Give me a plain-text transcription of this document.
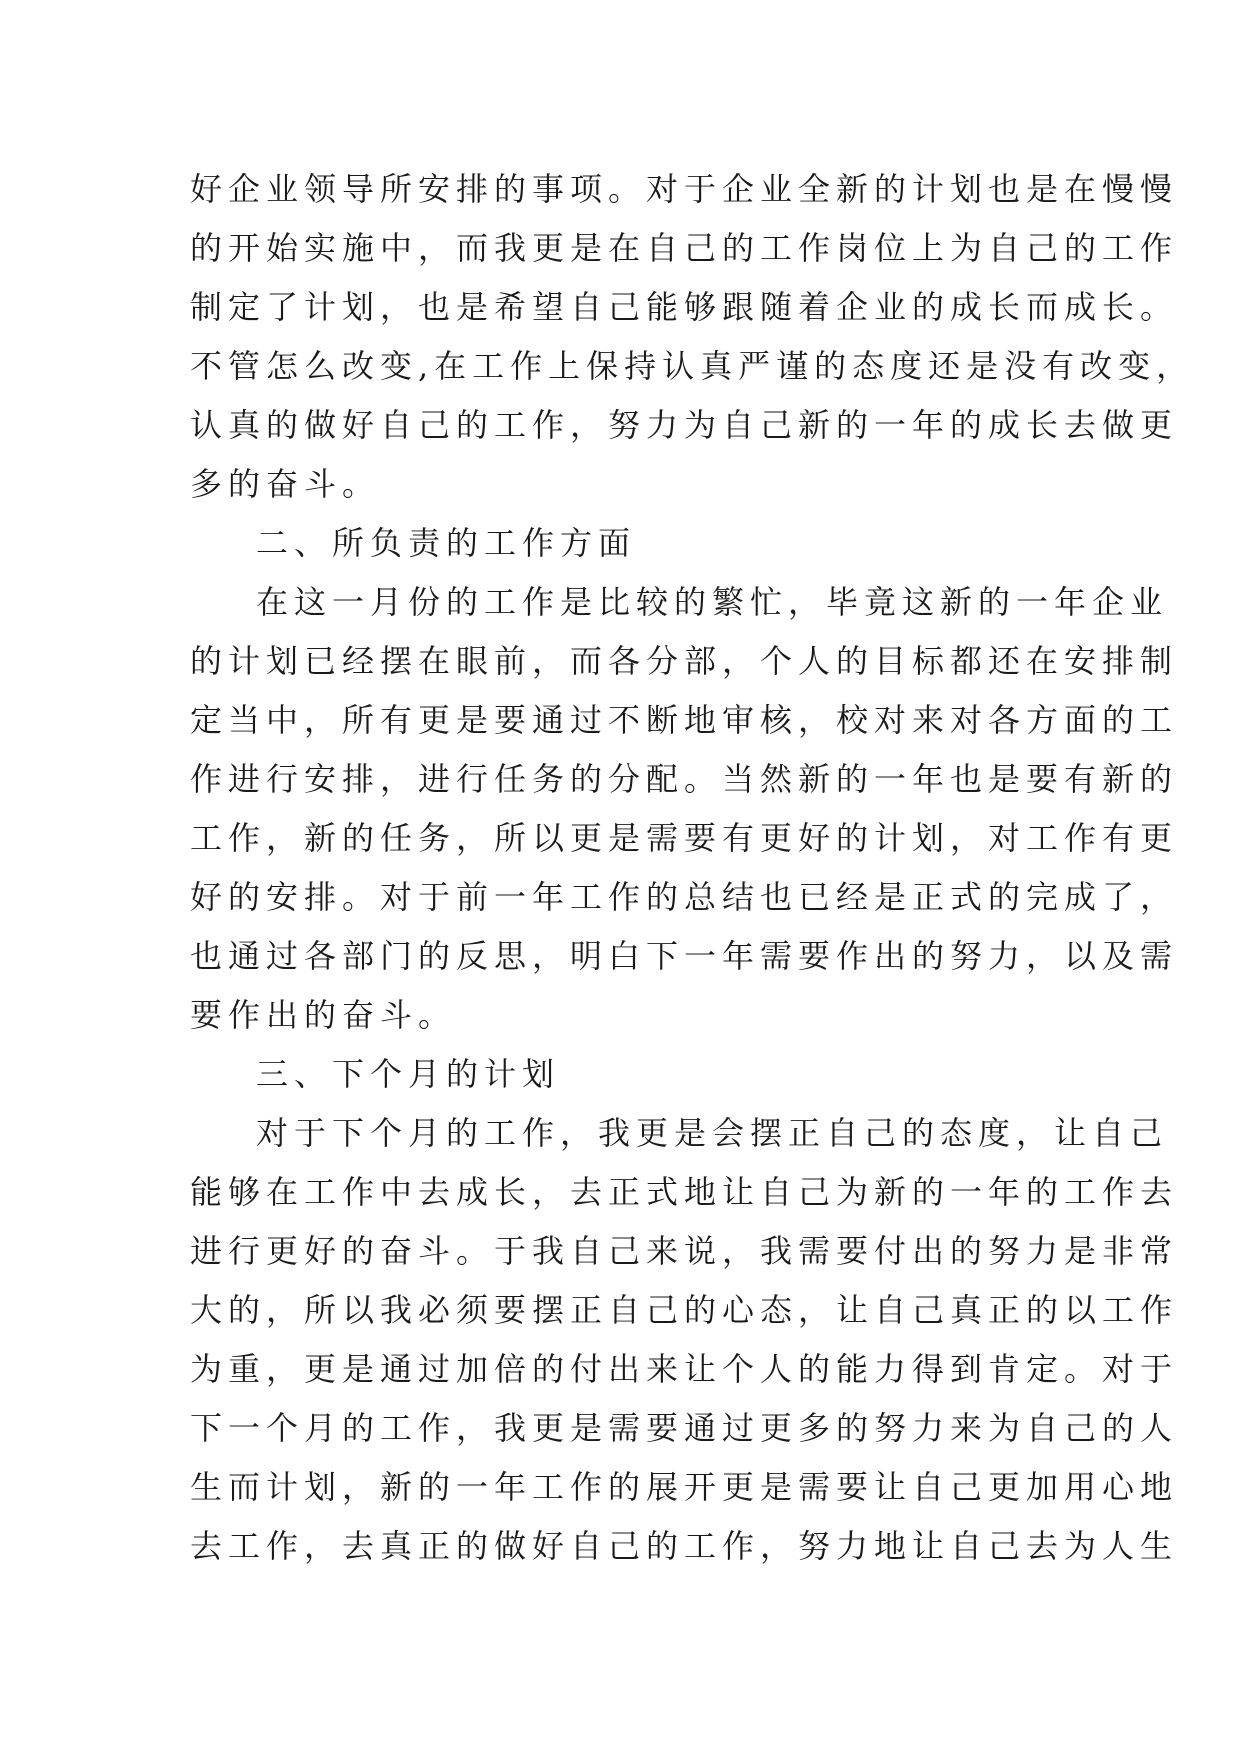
好企业领导所安排的事项。对于企业全新的计划也是在慢慢
的开始实施中，而我更是在自己的工作岗位上为自己的工作
制定了计划，也是希望自己能够跟随着企业的成长而成长。
不管怎么改变,在工作上保持认真严谨的态度还是没有改变，
认真的做好自己的工作，努力为自己新的一年的成长去做更
多的奋斗。
二、所负责的工作方面
在这一月份的工作是比较的繁忙，毕竟这新的一年企业
的计划已经摆在眼前，而各分部，个人的目标都还在安排制
定当中，所有更是要通过不断地审核，校对来对各方面的工
作进行安排，进行任务的分配。当然新的一年也是要有新的
工作，新的任务，所以更是需要有更好的计划，对工作有更
好的安排。对于前一年工作的总结也已经是正式的完成了，
也通过各部门的反思，明白下一年需要作出的努力，以及需
要作出的奋斗。
三、下个月的计划
对于下个月的工作，我更是会摆正自己的态度，让自己
能够在工作中去成长，去正式地让自己为新的一年的工作去
进行更好的奋斗。于我自己来说，我需要付出的努力是非常
大的，所以我必须要摆正自己的心态，让自己真正的以工作
为重，更是通过加倍的付出来让个人的能力得到肯定。对于
下一个月的工作，我更是需要通过更多的努力来为自己的人
生而计划，新的一年工作的展开更是需要让自己更加用心地
去工作，去真正的做好自己的工作，努力地让自己去为人生
